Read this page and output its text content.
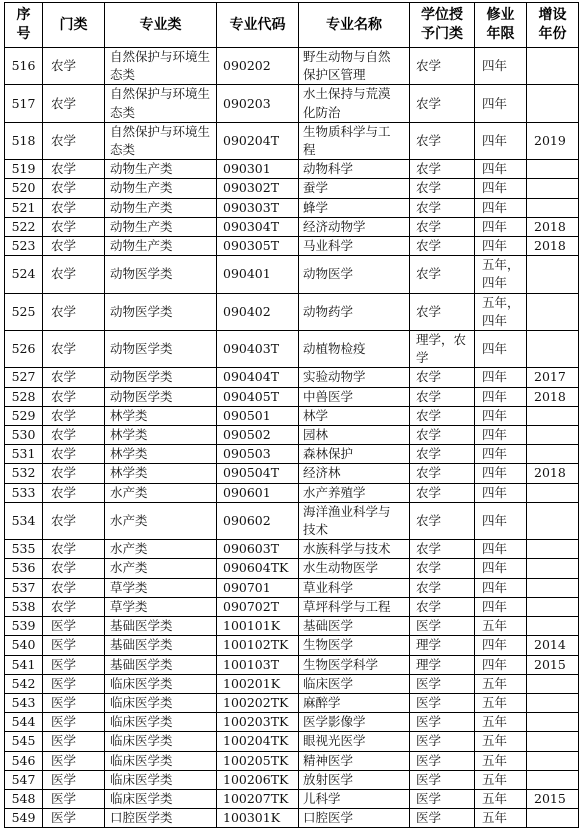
序号	门类	专业类	专业代码	专业名称	学位授予门类	修业年限	增设年份

516	农学	自然保护与环境生态类	090202	野生动物与自然保护区管理	农学	四年	

517	农学	自然保护与环境生态类	090203	水土保持与荒漠化防治	农学	四年	

518	农学	自然保护与环境生态类	090204T	生物质科学与工程	农学	四年	2019

519	农学	动物生产类	090301	动物科学	农学	四年	

520	农学	动物生产类	090302T	蚕学	农学	四年	

521	农学	动物生产类	090303T	蜂学	农学	四年	

522	农学	动物生产类	090304T	经济动物学	农学	四年	2018

523	农学	动物生产类	090305T	马业科学	农学	四年	2018

524	农学	动物医学类	090401	动物医学	农学	五年，四年	

525	农学	动物医学类	090402	动物药学	农学	五年，四年	

526	农学	动物医学类	090403T	动植物检疫	理学，农学	四年	

527	农学	动物医学类	090404T	实验动物学	农学	四年	2017

528	农学	动物医学类	090405T	中兽医学	农学	四年	2018

529	农学	林学类	090501	林学	农学	四年	

530	农学	林学类	090502	园林	农学	四年	

531	农学	林学类	090503	森林保护	农学	四年	

532	农学	林学类	090504T	经济林	农学	四年	2018

533	农学	水产类	090601	水产养殖学	农学	四年	

534	农学	水产类	090602	海洋渔业科学与技术	农学	四年	

535	农学	水产类	090603T	水族科学与技术	农学	四年	

536	农学	水产类	090604TK	水生动物医学	农学	四年	

537	农学	草学类	090701	草业科学	农学	四年	

538	农学	草学类	090702T	草坪科学与工程	农学	四年	

539	医学	基础医学类	100101K	基础医学	医学	五年	

540	医学	基础医学类	100102TK	生物医学	理学	四年	2014

541	医学	基础医学类	100103T	生物医学科学	理学	四年	2015

542	医学	临床医学类	100201K	临床医学	医学	五年	

543	医学	临床医学类	100202TK	麻醉学	医学	五年	

544	医学	临床医学类	100203TK	医学影像学	医学	五年	

545	医学	临床医学类	100204TK	眼视光医学	医学	五年	

546	医学	临床医学类	100205TK	精神医学	医学	五年	

547	医学	临床医学类	100206TK	放射医学	医学	五年	

548	医学	临床医学类	100207TK	儿科学	医学	五年	2015

549	医学	口腔医学类	100301K	口腔医学	医学	五年	
